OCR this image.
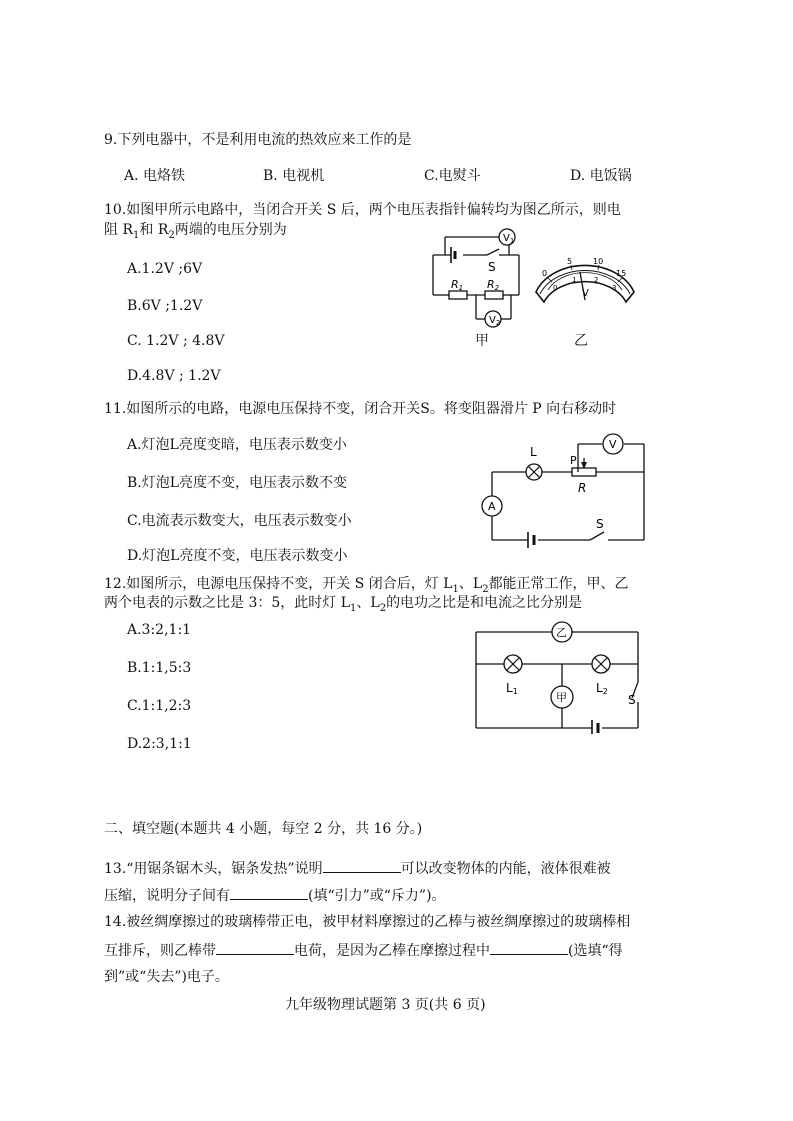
9.下列电器中，不是利用电流的热效应来工作的是
A. 电烙铁	B. 电视机	C.电熨斗	D. 电饭锅
10.如图甲所示电路中，当闭合开关 S 后，两个电压表指针偏转均为图乙所示，则电
阻 $R_1$和 $R_2$两端的电压分别为
A.1.2V ;6V
B.6V ;1.2V
C. 1.2V ; 4.8V
D.4.8V ; 1.2V
$V_1$
$V_2$
S
R1 R2
甲
0
5	10
15
0
1	2
3
V
乙
11.如图所示的电路，电源电压保持不变，闭合开关S。将变阻器滑片 P 向右移动时
A.灯泡L亮度变暗，电压表示数变小
B.灯泡L亮度不变，电压表示数不变
C.电流表示数变大，电压表示数变小
D.灯泡L亮度不变，电压表示数变小
V
A
L
P
R
S
12.如图所示，电源电压保持不变，开关 S 闭合后，灯 $L_1$、$L_2$都能正常工作，甲、乙
两个电表的示数之比是 3：5，此时灯 $L_1$、$L_2$的电功之比是和电流之比分别是
A.3:2,1:1
B.1:1,5:3
C.1:1,2:3
D.2:3,1:1
乙
甲
L1	L2
S
二、填空题(本题共 4 小题，每空 2 分，共 16 分。)
13.“用锯条锯木头，锯条发热”说明	可以改变物体的内能，液体很难被
压缩，说明分子间有	(填“引力”或“斥力”)。
14.被丝绸摩擦过的玻璃棒带正电，被甲材料摩擦过的乙棒与被丝绸摩擦过的玻璃棒相
互排斥，则乙棒带	电荷，是因为乙棒在摩擦过程中	(选填“得
到”或“失去”)电子。
九年级物理试题第 3 页(共 6 页)
